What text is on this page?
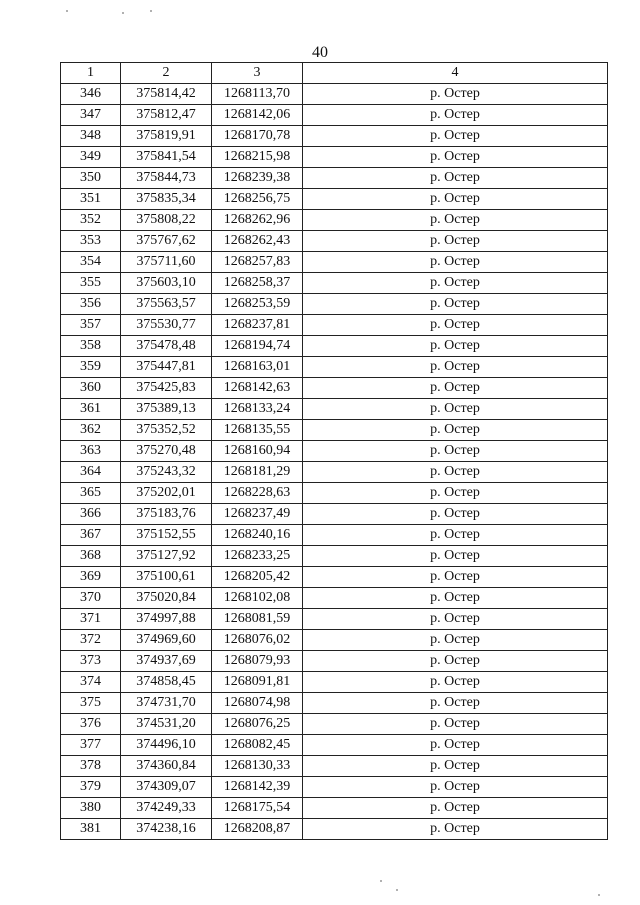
40
1	2	3	4
346	375814,42	1268113,70	р. Остер
347	375812,47	1268142,06	р. Остер
348	375819,91	1268170,78	р. Остер
349	375841,54	1268215,98	р. Остер
350	375844,73	1268239,38	р. Остер
351	375835,34	1268256,75	р. Остер
352	375808,22	1268262,96	р. Остер
353	375767,62	1268262,43	р. Остер
354	375711,60	1268257,83	р. Остер
355	375603,10	1268258,37	р. Остер
356	375563,57	1268253,59	р. Остер
357	375530,77	1268237,81	р. Остер
358	375478,48	1268194,74	р. Остер
359	375447,81	1268163,01	р. Остер
360	375425,83	1268142,63	р. Остер
361	375389,13	1268133,24	р. Остер
362	375352,52	1268135,55	р. Остер
363	375270,48	1268160,94	р. Остер
364	375243,32	1268181,29	р. Остер
365	375202,01	1268228,63	р. Остер
366	375183,76	1268237,49	р. Остер
367	375152,55	1268240,16	р. Остер
368	375127,92	1268233,25	р. Остер
369	375100,61	1268205,42	р. Остер
370	375020,84	1268102,08	р. Остер
371	374997,88	1268081,59	р. Остер
372	374969,60	1268076,02	р. Остер
373	374937,69	1268079,93	р. Остер
374	374858,45	1268091,81	р. Остер
375	374731,70	1268074,98	р. Остер
376	374531,20	1268076,25	р. Остер
377	374496,10	1268082,45	р. Остер
378	374360,84	1268130,33	р. Остер
379	374309,07	1268142,39	р. Остер
380	374249,33	1268175,54	р. Остер
381	374238,16	1268208,87	р. Остер
